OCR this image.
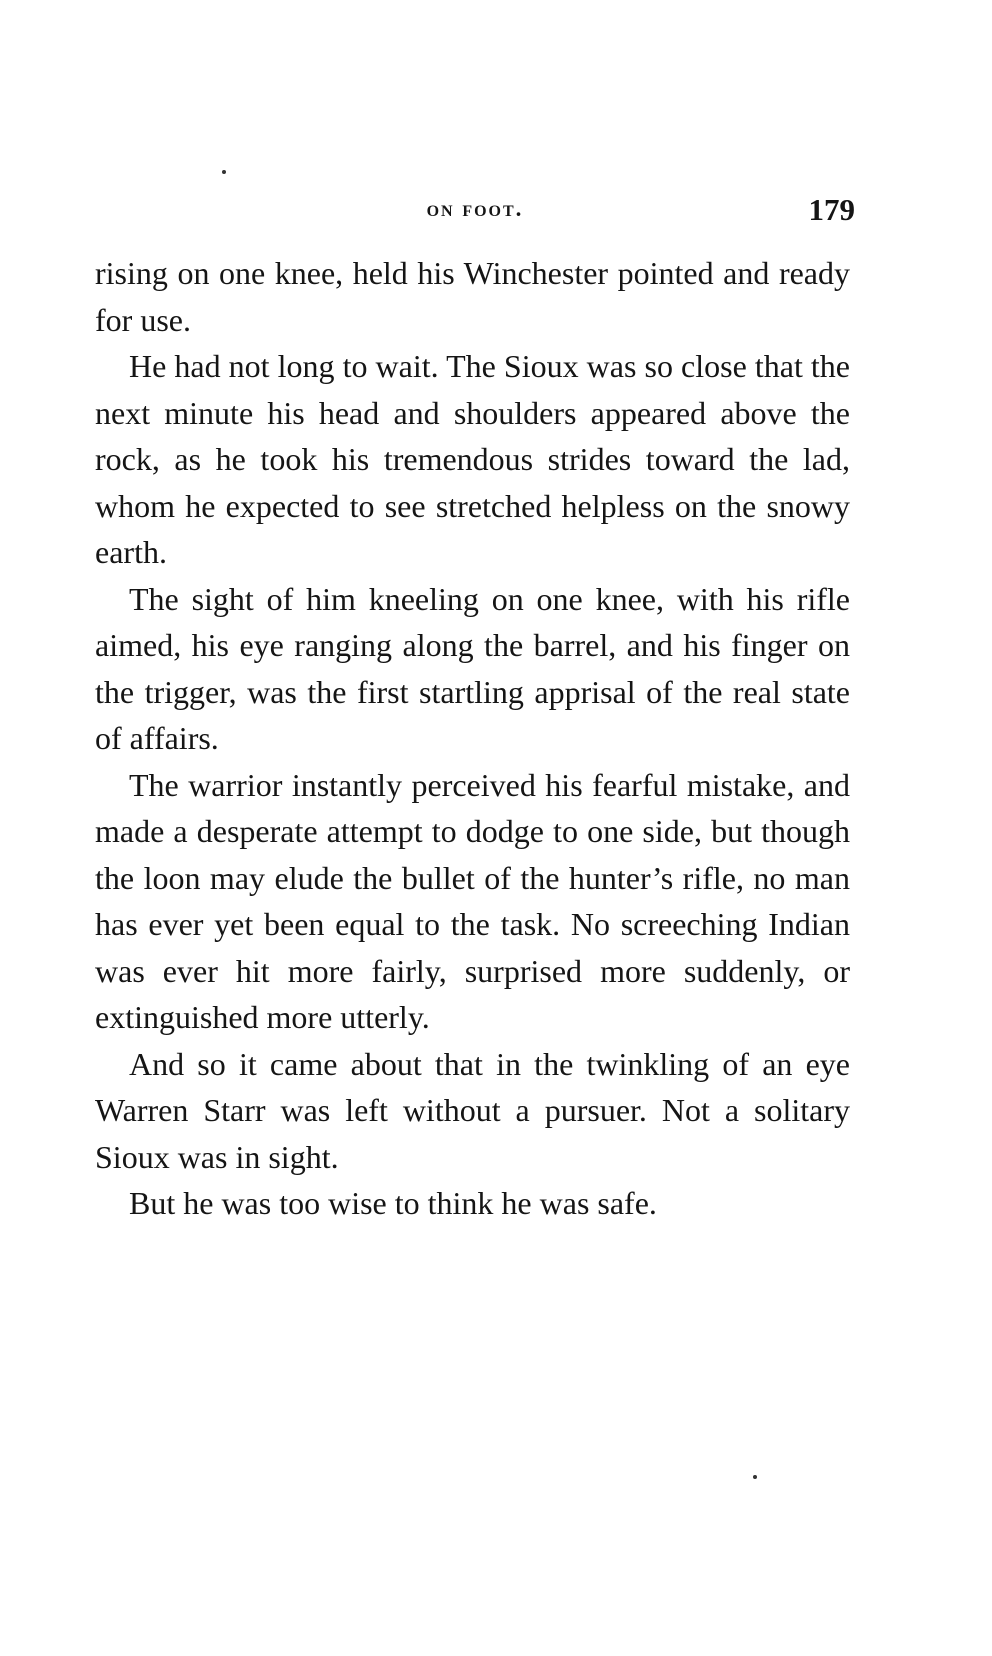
on foot.	179

rising on one knee, held his Winchester pointed and ready for use.

He had not long to wait. The Sioux was so close that the next minute his head and shoulders appeared above the rock, as he took his tremendous strides toward the lad, whom he expected to see stretched helpless on the snowy earth.

The sight of him kneeling on one knee, with his rifle aimed, his eye ranging along the barrel, and his finger on the trigger, was the first startling apprisal of the real state of affairs.

The warrior instantly perceived his fearful mistake, and made a desperate attempt to dodge to one side, but though the loon may elude the bullet of the hunter’s rifle, no man has ever yet been equal to the task. No screeching Indian was ever hit more fairly, surprised more suddenly, or extinguished more utterly.

And so it came about that in the twinkling of an eye Warren Starr was left without a pursuer. Not a solitary Sioux was in sight.

But he was too wise to think he was safe.
